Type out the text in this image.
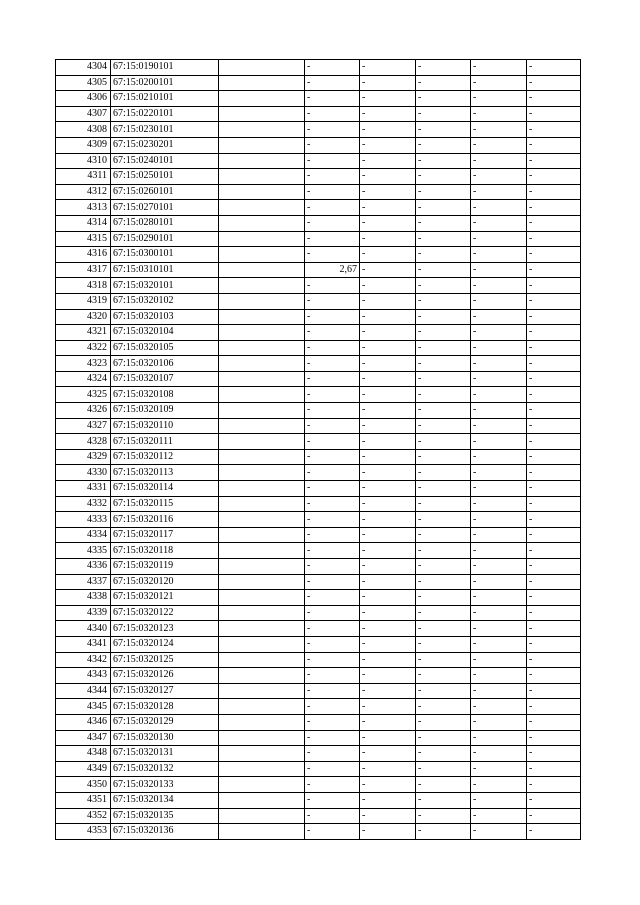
4304	67:15:0190101		-	-	-	-	-
4305	67:15:0200101		-	-	-	-	-
4306	67:15:0210101		-	-	-	-	-
4307	67:15:0220101		-	-	-	-	-
4308	67:15:0230101		-	-	-	-	-
4309	67:15:0230201		-	-	-	-	-
4310	67:15:0240101		-	-	-	-	-
4311	67:15:0250101		-	-	-	-	-
4312	67:15:0260101		-	-	-	-	-
4313	67:15:0270101		-	-	-	-	-
4314	67:15:0280101		-	-	-	-	-
4315	67:15:0290101		-	-	-	-	-
4316	67:15:0300101		-	-	-	-	-
4317	67:15:0310101		2,67	-	-	-	-
4318	67:15:0320101		-	-	-	-	-
4319	67:15:0320102		-	-	-	-	-
4320	67:15:0320103		-	-	-	-	-
4321	67:15:0320104		-	-	-	-	-
4322	67:15:0320105		-	-	-	-	-
4323	67:15:0320106		-	-	-	-	-
4324	67:15:0320107		-	-	-	-	-
4325	67:15:0320108		-	-	-	-	-
4326	67:15:0320109		-	-	-	-	-
4327	67:15:0320110		-	-	-	-	-
4328	67:15:0320111		-	-	-	-	-
4329	67:15:0320112		-	-	-	-	-
4330	67:15:0320113		-	-	-	-	-
4331	67:15:0320114		-	-	-	-	-
4332	67:15:0320115		-	-	-	-	-
4333	67:15:0320116		-	-	-	-	-
4334	67:15:0320117		-	-	-	-	-
4335	67:15:0320118		-	-	-	-	-
4336	67:15:0320119		-	-	-	-	-
4337	67:15:0320120		-	-	-	-	-
4338	67:15:0320121		-	-	-	-	-
4339	67:15:0320122		-	-	-	-	-
4340	67:15:0320123		-	-	-	-	-
4341	67:15:0320124		-	-	-	-	-
4342	67:15:0320125		-	-	-	-	-
4343	67:15:0320126		-	-	-	-	-
4344	67:15:0320127		-	-	-	-	-
4345	67:15:0320128		-	-	-	-	-
4346	67:15:0320129		-	-	-	-	-
4347	67:15:0320130		-	-	-	-	-
4348	67:15:0320131		-	-	-	-	-
4349	67:15:0320132		-	-	-	-	-
4350	67:15:0320133		-	-	-	-	-
4351	67:15:0320134		-	-	-	-	-
4352	67:15:0320135		-	-	-	-	-
4353	67:15:0320136		-	-	-	-	-
